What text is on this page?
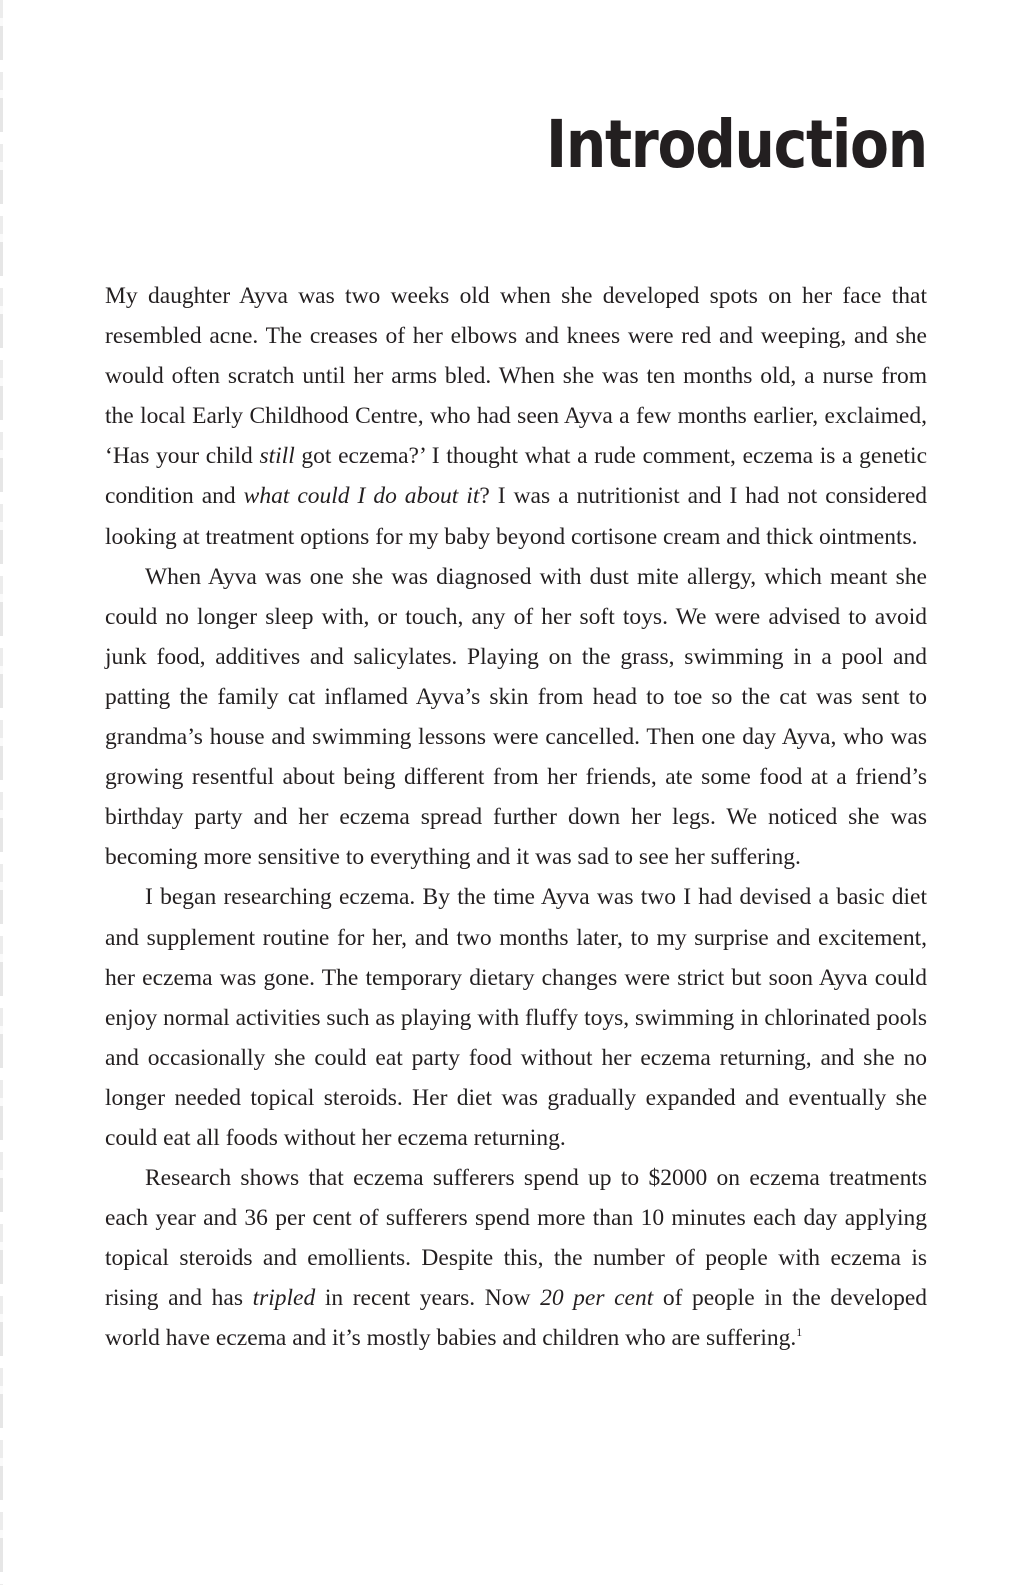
Introduction

My daughter Ayva was two weeks old when she developed spots on her face that resembled acne. The creases of her elbows and knees were red and weeping, and she would often scratch until her arms bled. When she was ten months old, a nurse from the local Early Childhood Centre, who had seen Ayva a few months earlier, exclaimed, ‘Has your child still got eczema?’ I thought what a rude comment, eczema is a genetic condition and what could I do about it? I was a nutritionist and I had not considered looking at treatment options for my baby beyond cortisone cream and thick ointments.

When Ayva was one she was diagnosed with dust mite allergy, which meant she could no longer sleep with, or touch, any of her soft toys. We were advised to avoid junk food, additives and salicylates. Playing on the grass, swimming in a pool and patting the family cat inflamed Ayva’s skin from head to toe so the cat was sent to grandma’s house and swimming lessons were cancelled. Then one day Ayva, who was growing resentful about being different from her friends, ate some food at a friend’s birthday party and her eczema spread further down her legs. We noticed she was becoming more sensitive to everything and it was sad to see her suffering.

I began researching eczema. By the time Ayva was two I had devised a basic diet and supplement routine for her, and two months later, to my surprise and excitement, her eczema was gone. The temporary dietary changes were strict but soon Ayva could enjoy normal activities such as playing with fluffy toys, swimming in chlorinated pools and occasionally she could eat party food without her eczema returning, and she no longer needed topical steroids. Her diet was gradually expanded and eventually she could eat all foods without her eczema returning.

Research shows that eczema sufferers spend up to $2000 on eczema treatments each year and 36 per cent of sufferers spend more than 10 minutes each day applying topical steroids and emollients. Despite this, the number of people with eczema is rising and has tripled in recent years. Now 20 per cent of people in the developed world have eczema and it’s mostly babies and children who are suffering.$^1$
